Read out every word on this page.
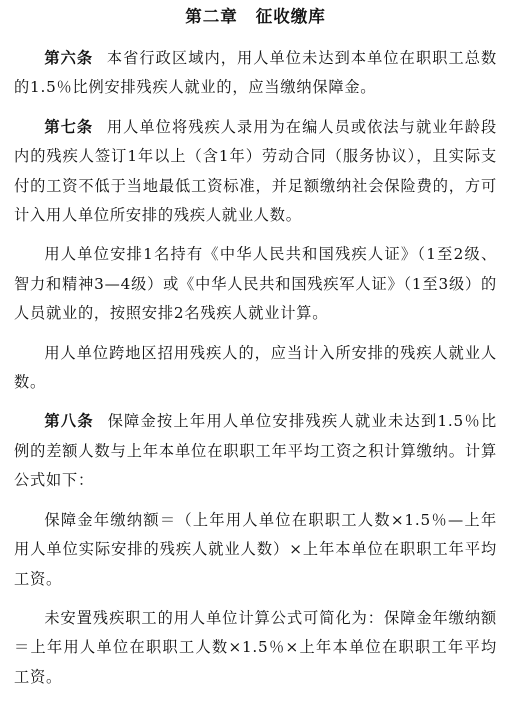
第二章 征收缴库

第六条 本省行政区域内，用人单位未达到本单位在职职工总数的1.5％比例安排残疾人就业的，应当缴纳保障金。

第七条 用人单位将残疾人录用为在编人员或依法与就业年龄段内的残疾人签订1年以上（含1年）劳动合同（服务协议），且实际支付的工资不低于当地最低工资标准，并足额缴纳社会保险费的，方可计入用人单位所安排的残疾人就业人数。

用人单位安排1名持有《中华人民共和国残疾人证》（1至2级、智力和精神3—4级）或《中华人民共和国残疾军人证》（1至3级）的人员就业的，按照安排2名残疾人就业计算。

用人单位跨地区招用残疾人的，应当计入所安排的残疾人就业人数。

第八条 保障金按上年用人单位安排残疾人就业未达到1.5％比例的差额人数与上年本单位在职职工年平均工资之积计算缴纳。计算公式如下：

保障金年缴纳额＝（上年用人单位在职职工人数×1.5％—上年用人单位实际安排的残疾人就业人数）×上年本单位在职职工年平均工资。

未安置残疾职工的用人单位计算公式可简化为：保障金年缴纳额＝上年用人单位在职职工人数×1.5％×上年本单位在职职工年平均工资。
